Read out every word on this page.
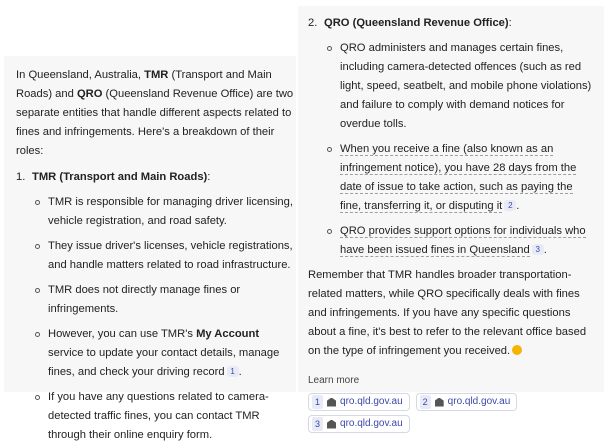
In Queensland, Australia, TMR (Transport and Main Roads) and QRO (Queensland Revenue Office) are two separate entities that handle different aspects related to fines and infringements. Here's a breakdown of their roles:

1. TMR (Transport and Main Roads):
TMR is responsible for managing driver licensing, vehicle registration, and road safety.
They issue driver's licenses, vehicle registrations, and handle matters related to road infrastructure.
TMR does not directly manage fines or infringements.
However, you can use TMR's My Account service to update your contact details, manage fines, and check your driving record 1 .
If you have any questions related to camera-detected traffic fines, you can contact TMR through their online enquiry form.
2. QRO (Queensland Revenue Office):
QRO administers and manages certain fines, including camera-detected offences (such as red light, speed, seatbelt, and mobile phone violations) and failure to comply with demand notices for overdue tolls.
When you receive a fine (also known as an infringement notice), you have 28 days from the date of issue to take action, such as paying the fine, transferring it, or disputing it 2 .
QRO provides support options for individuals who have been issued fines in Queensland 3 .

Remember that TMR handles broader transportation-related matters, while QRO specifically deals with fines and infringements. If you have any specific questions about a fine, it's best to refer to the relevant office based on the type of infringement you received.

Learn more
1	qro.qld.gov.au	2	qro.qld.gov.au
3	qro.qld.gov.au
